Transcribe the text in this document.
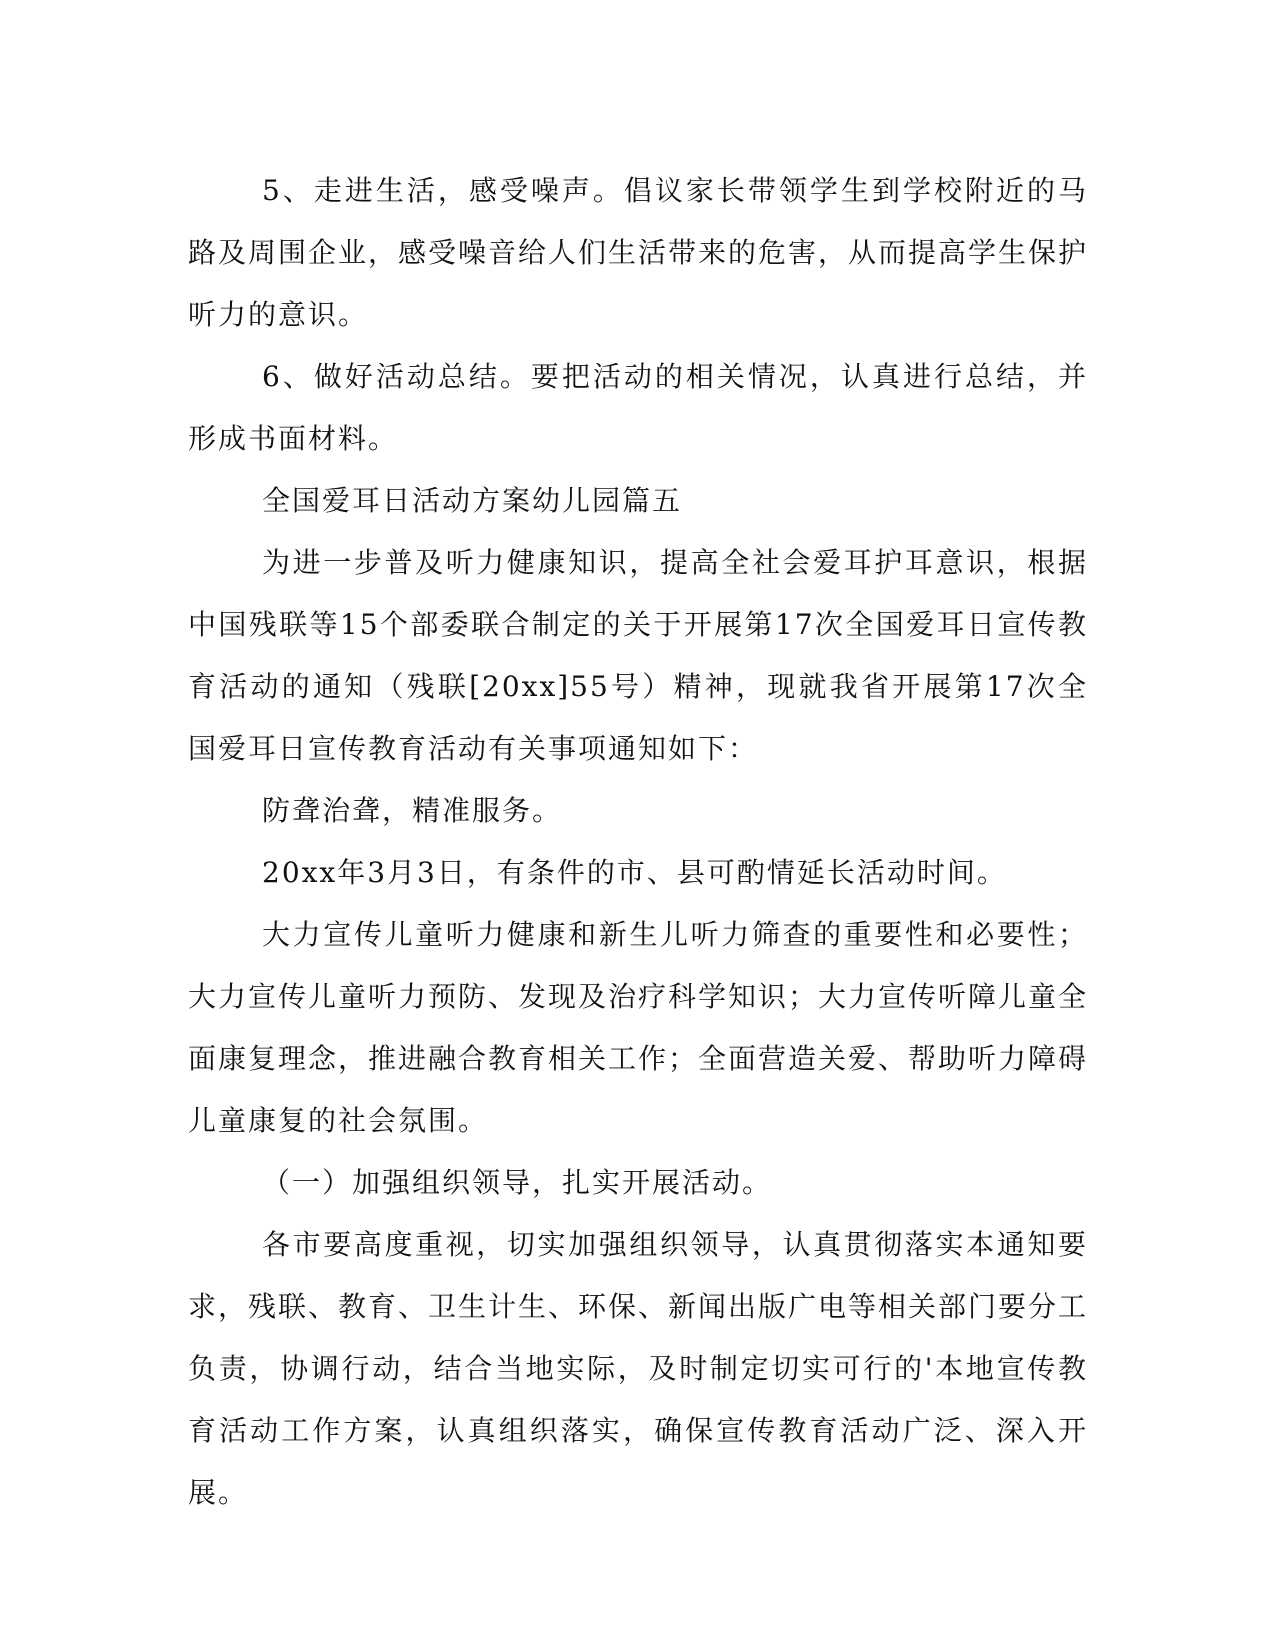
5、走进生活，感受噪声。倡议家长带领学生到学校附近的马路及周围企业，感受噪音给人们生活带来的危害，从而提高学生保护听力的意识。

6、做好活动总结。要把活动的相关情况，认真进行总结，并形成书面材料。

全国爱耳日活动方案幼儿园篇五

为进一步普及听力健康知识，提高全社会爱耳护耳意识，根据中国残联等15个部委联合制定的关于开展第17次全国爱耳日宣传教育活动的通知（残联[20xx]55号）精神，现就我省开展第17次全国爱耳日宣传教育活动有关事项通知如下：

防聋治聋，精准服务。

20xx年3月3日，有条件的市、县可酌情延长活动时间。

大力宣传儿童听力健康和新生儿听力筛查的重要性和必要性；大力宣传儿童听力预防、发现及治疗科学知识；大力宣传听障儿童全面康复理念，推进融合教育相关工作；全面营造关爱、帮助听力障碍儿童康复的社会氛围。

（一）加强组织领导，扎实开展活动。

各市要高度重视，切实加强组织领导，认真贯彻落实本通知要求，残联、教育、卫生计生、环保、新闻出版广电等相关部门要分工负责，协调行动，结合当地实际，及时制定切实可行的'本地宣传教育活动工作方案，认真组织落实，确保宣传教育活动广泛、深入开展。
